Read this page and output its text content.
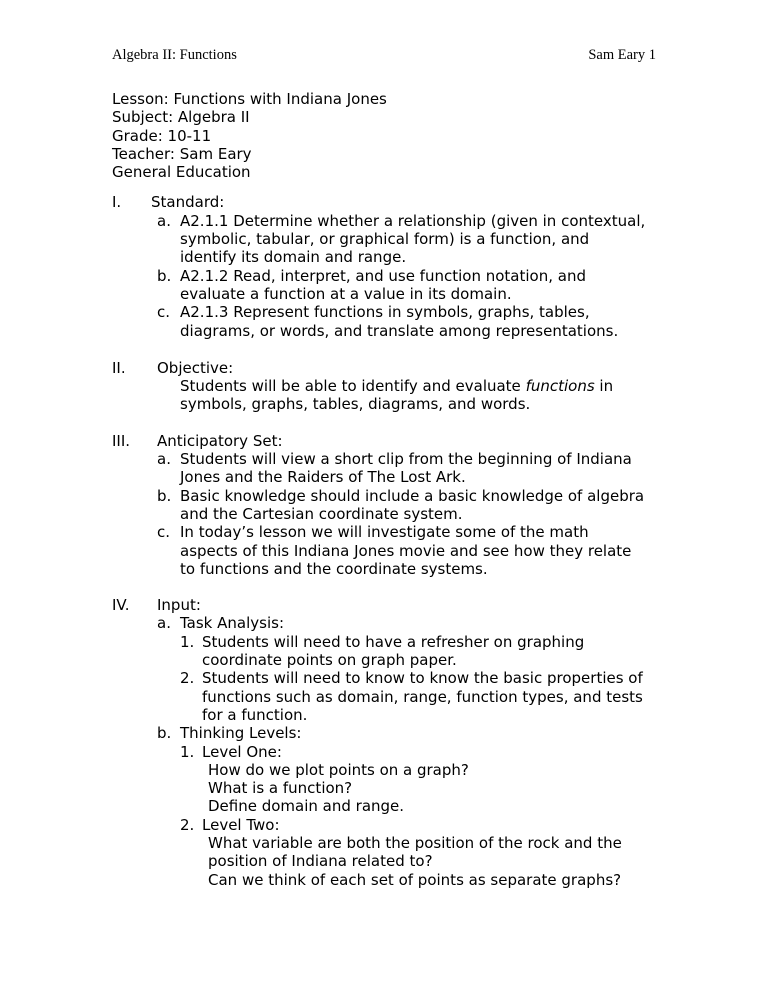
Algebra II: Functions	Sam Eary 1
Lesson: Functions with Indiana Jones
Subject: Algebra II
Grade: 10-11
Teacher: Sam Eary
General Education
I.	Standard:
a. A2.1.1 Determine whether a relationship (given in contextual,
symbolic, tabular, or graphical form) is a function, and
identify its domain and range.
b. A2.1.2 Read, interpret, and use function notation, and
evaluate a function at a value in its domain.
c. A2.1.3 Represent functions in symbols, graphs, tables,
diagrams, or words, and translate among representations.
II.	Objective:
Students will be able to identify and evaluate functions in
symbols, graphs, tables, diagrams, and words.
III.	Anticipatory Set:
a. Students will view a short clip from the beginning of Indiana
Jones and the Raiders of The Lost Ark.
b. Basic knowledge should include a basic knowledge of algebra
and the Cartesian coordinate system.
c. In today’s lesson we will investigate some of the math
aspects of this Indiana Jones movie and see how they relate
to functions and the coordinate systems.
IV.	Input:
a. Task Analysis:
1. Students will need to have a refresher on graphing
coordinate points on graph paper.
2. Students will need to know to know the basic properties of
functions such as domain, range, function types, and tests
for a function.
b. Thinking Levels:
1. Level One:
How do we plot points on a graph?
What is a function?
Define domain and range.
2. Level Two:
What variable are both the position of the rock and the
position of Indiana related to?
Can we think of each set of points as separate graphs?
